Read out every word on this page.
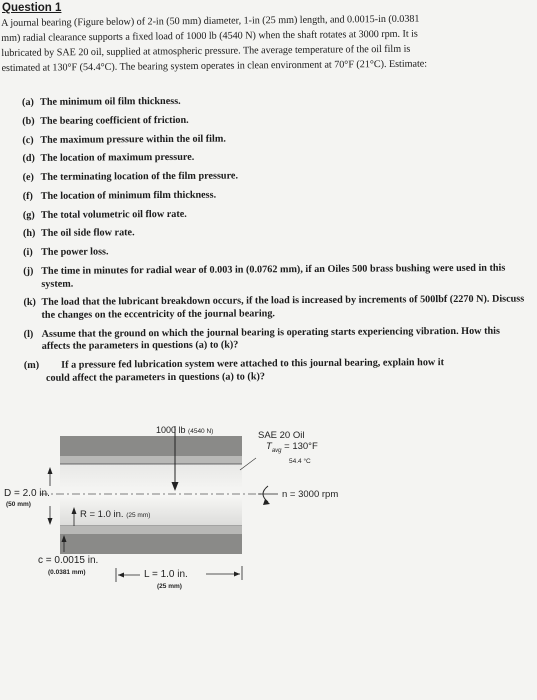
Question 1
A journal bearing (Figure below) of 2-in (50 mm) diameter, 1-in (25 mm) length, and 0.0015-in (0.0381
mm) radial clearance supports a fixed load of 1000 lb (4540 N) when the shaft rotates at 3000 rpm. It is
lubricated by SAE 20 oil, supplied at atmospheric pressure. The average temperature of the oil film is
estimated at 130°F (54.4°C). The bearing system operates in clean environment at 70°F (21°C). Estimate:
(a) The minimum oil film thickness.
(b) The bearing coefficient of friction.
(c) The maximum pressure within the oil film.
(d) The location of maximum pressure.
(e) The terminating location of the film pressure.
(f) The location of minimum film thickness.
(g) The total volumetric oil flow rate.
(h) The oil side flow rate.
(i) The power loss.
(j) The time in minutes for radial wear of 0.003 in (0.0762 mm), if an Oiles 500 brass bushing were used in this system.
(k) The load that the lubricant breakdown occurs, if the load is increased by increments of 500lbf (2270 N). Discuss the changes on the eccentricity of the journal bearing.
(l) Assume that the ground on which the journal bearing is operating starts experiencing vibration. How this affects the parameters in questions (a) to (k)?
(m) If a pressure fed lubrication system were attached to this journal bearing, explain how it
could affect the parameters in questions (a) to (k)?
1000 lb (4540 N)	SAE 20 Oil
$T_{avg} = 130^\circ F$
54.4 °C
D = 2.0 in.
(50 mm)
R = 1.0 in. (25 mm)
n = 3000 rpm
c = 0.0015 in.
(0.0381 mm)	L = 1.0 in.
(25 mm)
